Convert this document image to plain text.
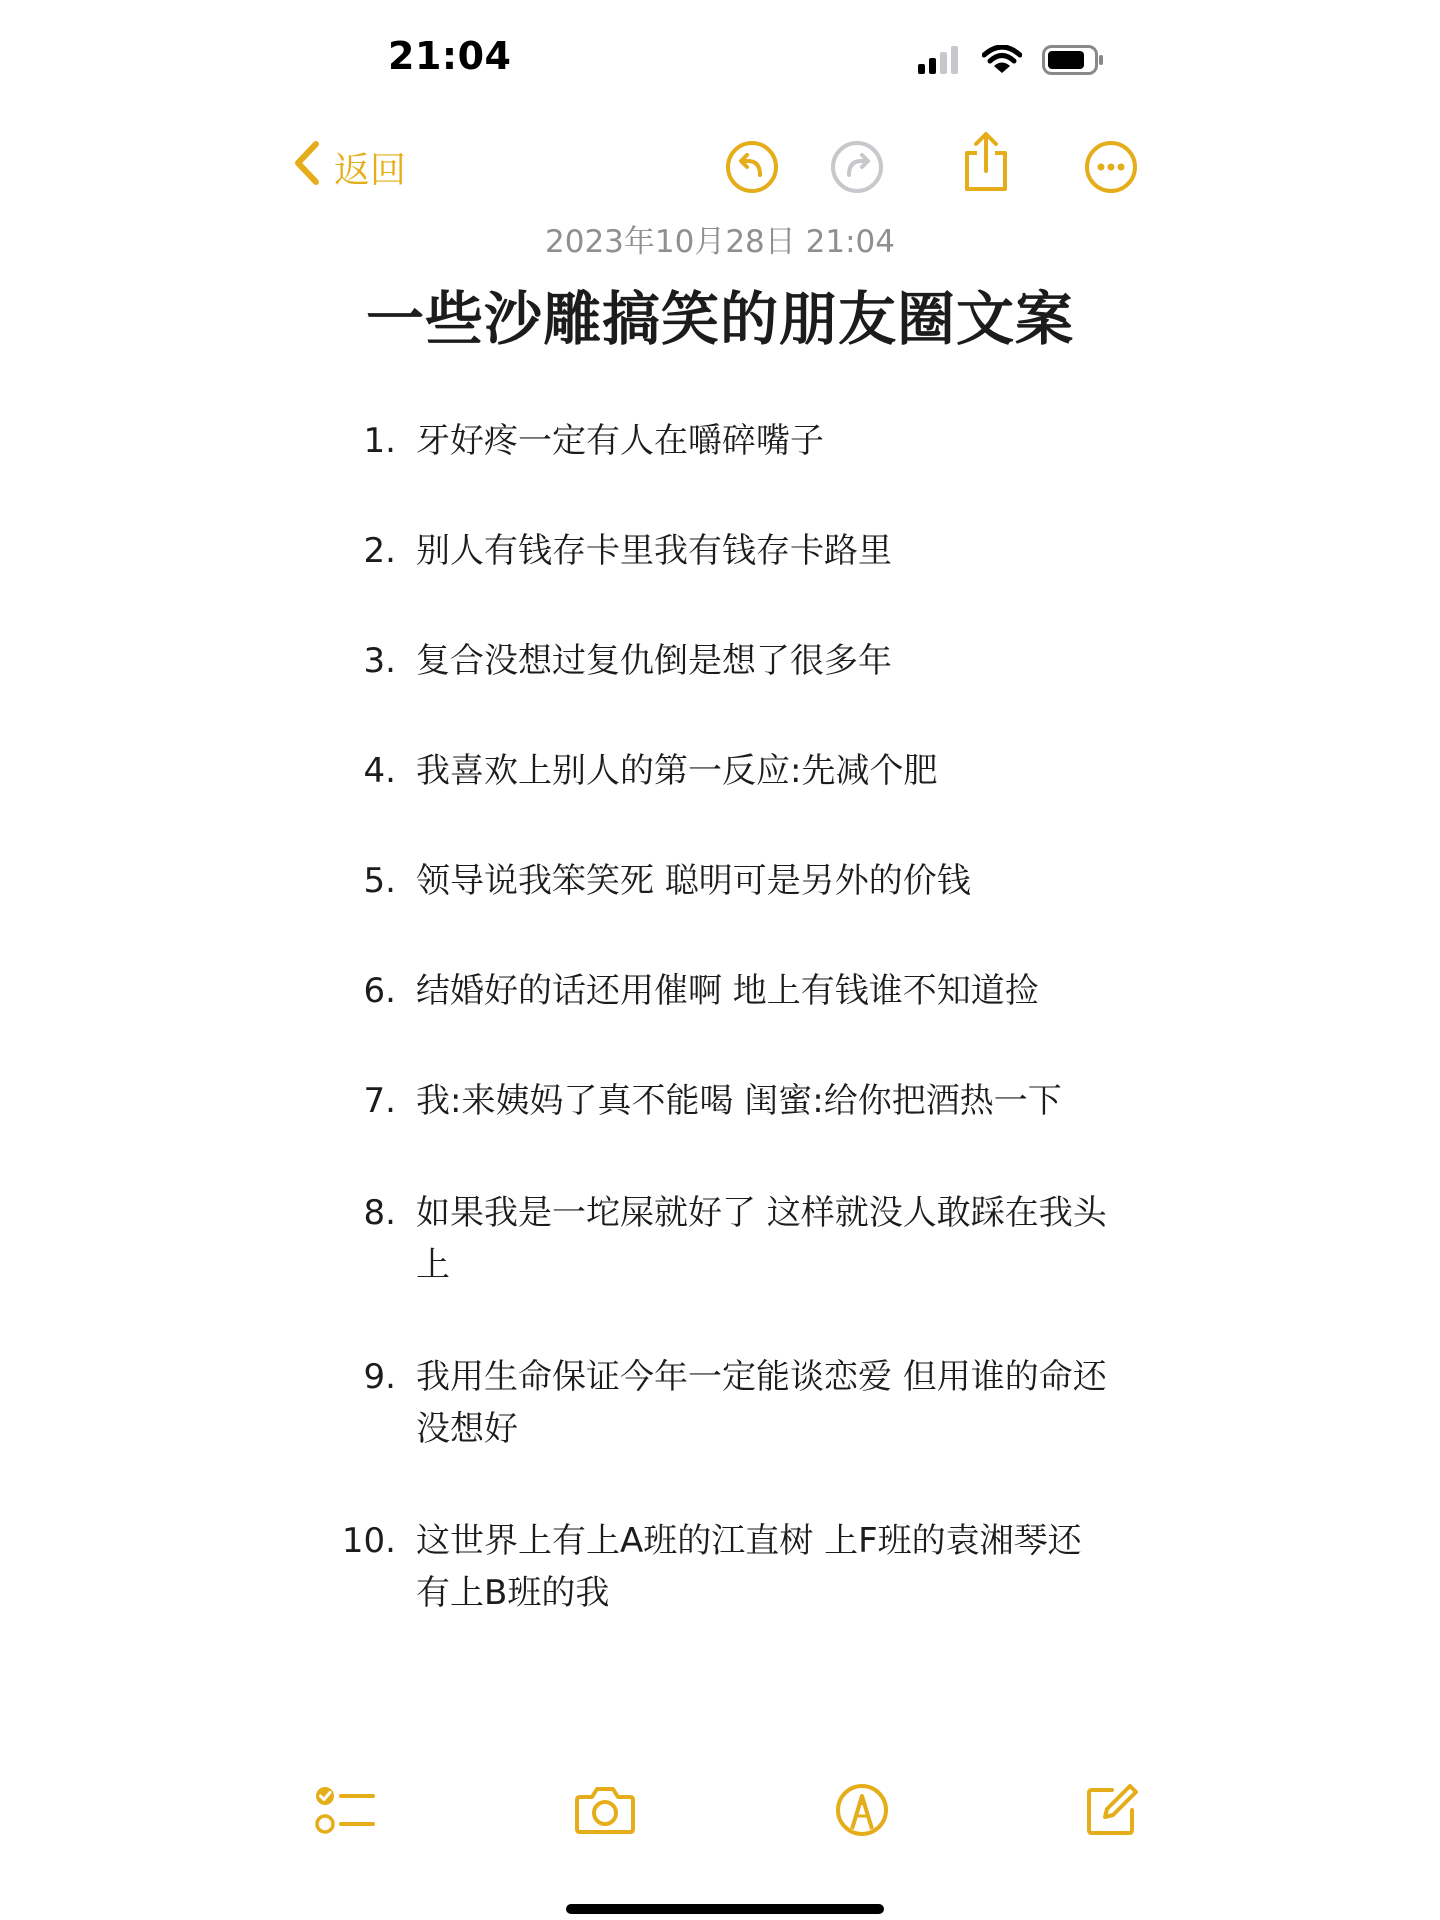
21:04
返回
2023年10月28日 21:04
一些沙雕搞笑的朋友圈文案
1. 牙好疼一定有人在嚼碎嘴子
2. 别人有钱存卡里我有钱存卡路里
3. 复合没想过复仇倒是想了很多年
4. 我喜欢上别人的第一反应:先减个肥
5. 领导说我笨笑死 聪明可是另外的价钱
6. 结婚好的话还用催啊 地上有钱谁不知道捡
7. 我:来姨妈了真不能喝 闺蜜:给你把酒热一下
8. 如果我是一坨屎就好了 这样就没人敢踩在我头上
9. 我用生命保证今年一定能谈恋爱 但用谁的命还没想好
10. 这世界上有上A班的江直树 上F班的袁湘琴还有上B班的我
